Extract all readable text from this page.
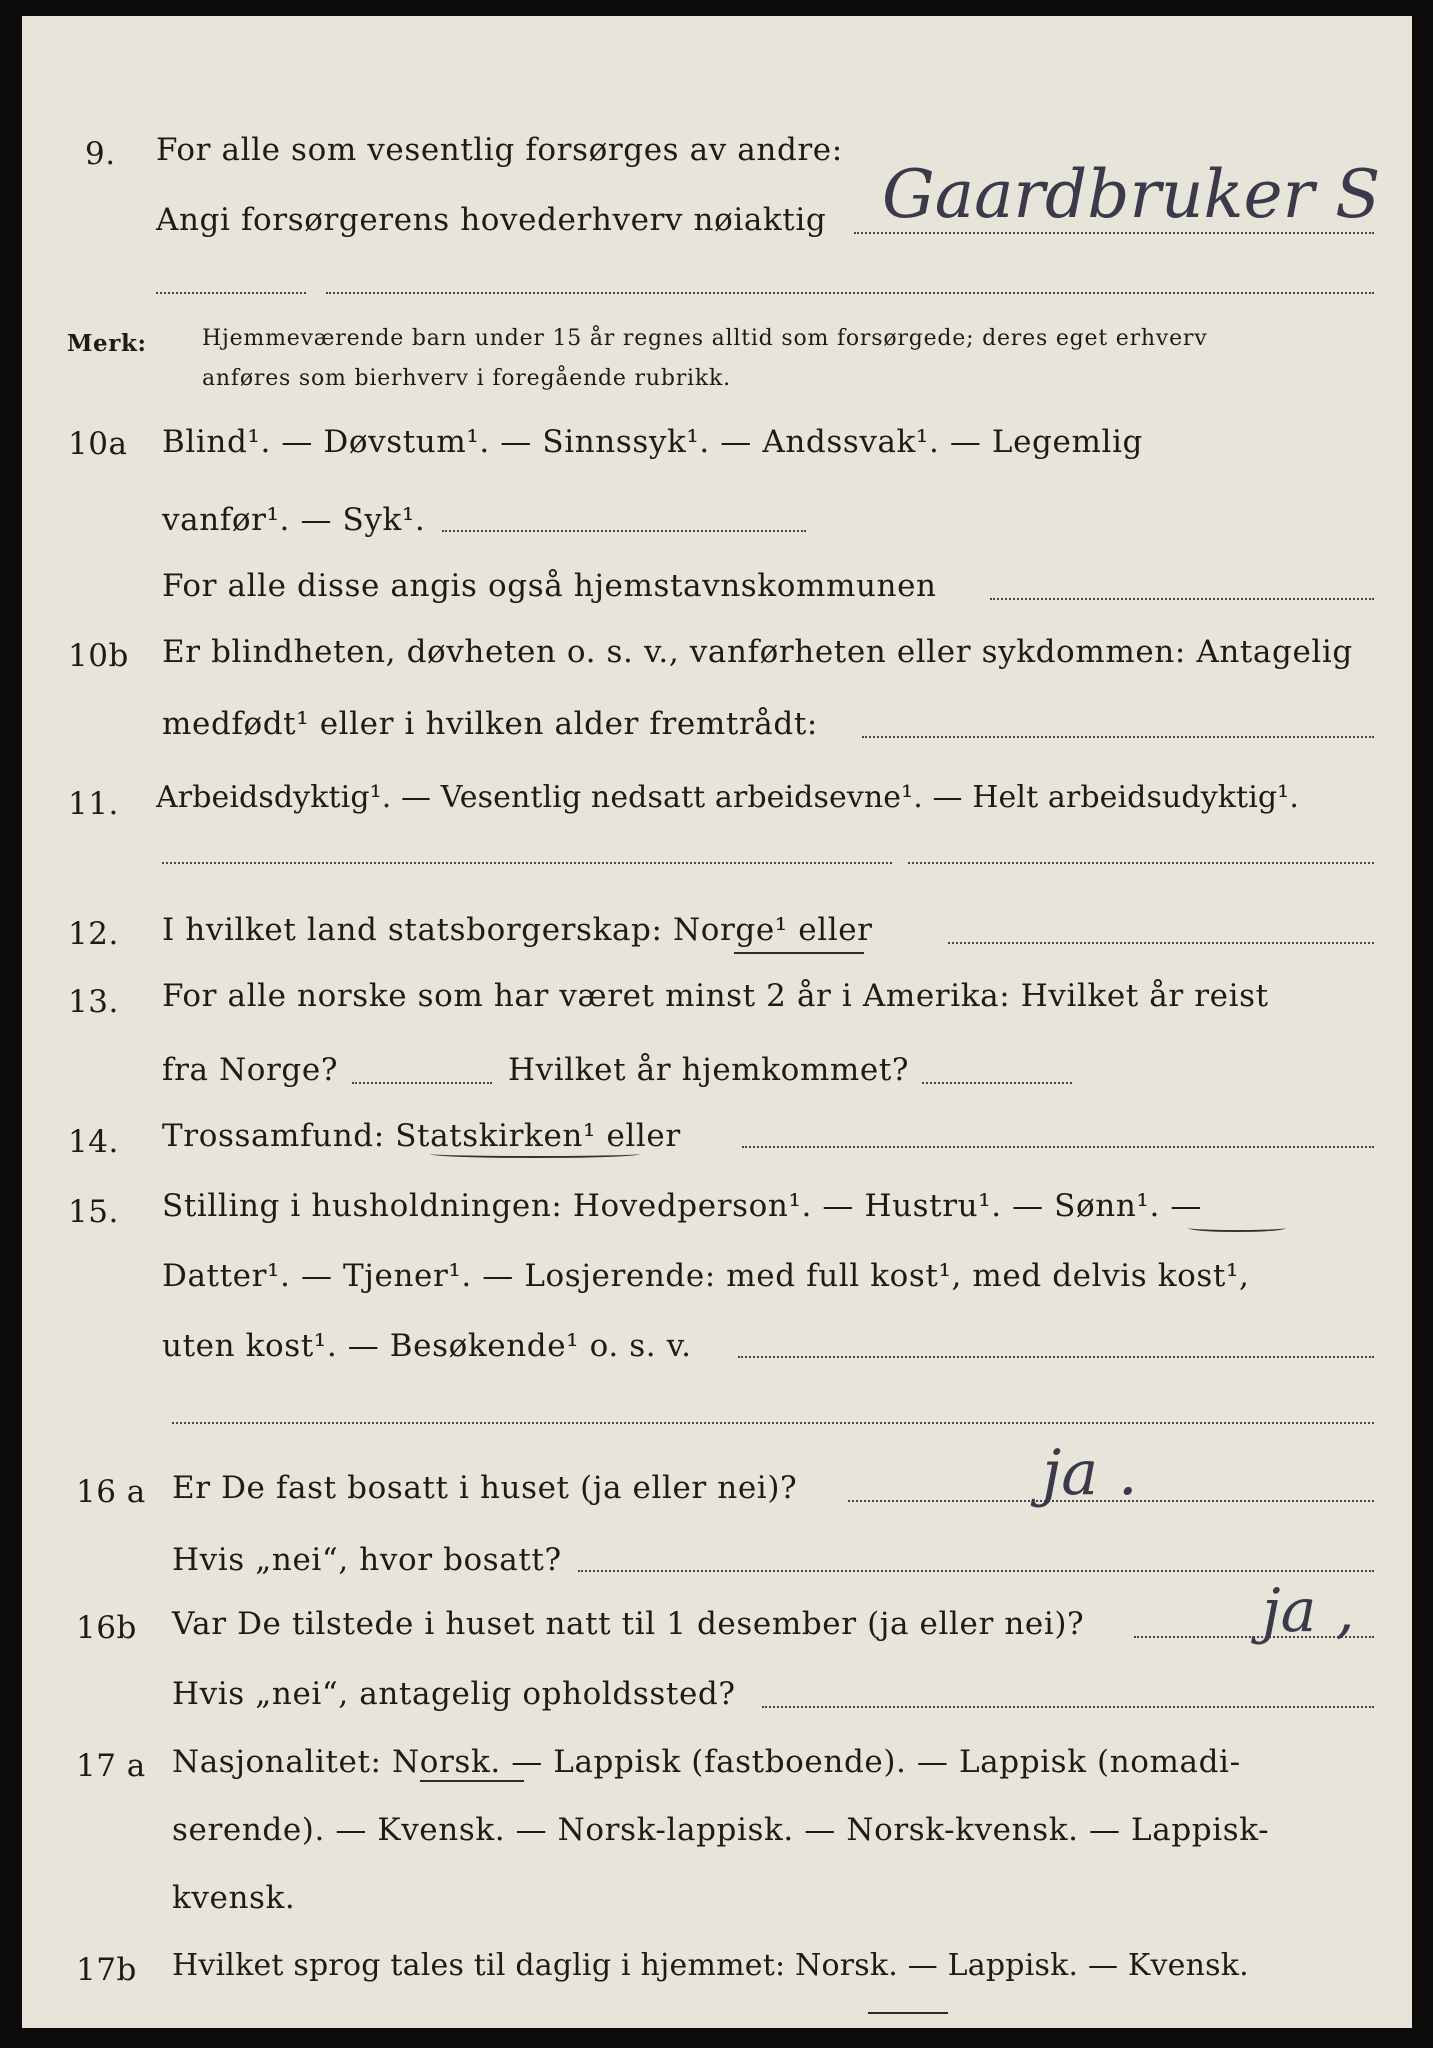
9. For alle som vesentlig forsørges av andre:
Angi forsørgerens hovederhverv nøiaktig Gaardbruker S
Merk:	Hjemmeværende barn under 15 år regnes alltid som forsørgede; deres eget erhverv
anføres som bierhverv i foregående rubrikk.
10a Blind¹. — Døvstum¹. — Sinnssyk¹. — Andssvak¹. — Legemlig
vanfør¹. — Syk¹.
For alle disse angis også hjemstavnskommunen
10b Er blindheten, døvheten o. s. v., vanførheten eller sykdommen: Antagelig
medfødt¹ eller i hvilken alder fremtrådt:
11. Arbeidsdyktig¹. — Vesentlig nedsatt arbeidsevne¹. — Helt arbeidsudyktig¹.
12. I hvilket land statsborgerskap: Norge¹ eller
13. For alle norske som har været minst 2 år i Amerika: Hvilket år reist
fra Norge?	Hvilket år hjemkommet?
14. Trossamfund: Statskirken¹ eller
15. Stilling i husholdningen: Hovedperson¹. — Hustru¹. — Sønn¹. —
Datter¹. — Tjener¹. — Losjerende: med full kost¹, med delvis kost¹,
uten kost¹. — Besøkende¹ o. s. v.
16 a Er De fast bosatt i huset (ja eller nei)?	ja .
Hvis „nei“, hvor bosatt?
16b Var De tilstede i huset natt til 1 desember (ja eller nei)?	ja ,
Hvis „nei“, antagelig opholdssted?
17 a Nasjonalitet: Norsk. — Lappisk (fastboende). — Lappisk (nomadi-
serende). — Kvensk. — Norsk-lappisk. — Norsk-kvensk. — Lappisk-
kvensk.
17b Hvilket sprog tales til daglig i hjemmet: Norsk. — Lappisk. — Kvensk.
